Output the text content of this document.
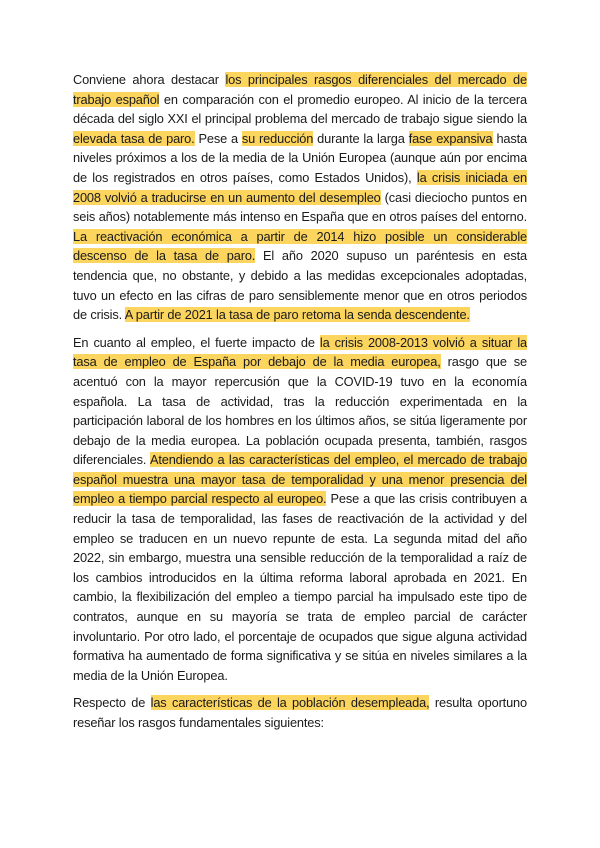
Conviene ahora destacar los principales rasgos diferenciales del mercado de trabajo español en comparación con el promedio europeo. Al inicio de la tercera década del siglo XXI el principal problema del mercado de trabajo sigue siendo la elevada tasa de paro. Pese a su reducción durante la larga fase expansiva hasta niveles próximos a los de la media de la Unión Europea (aunque aún por encima de los registrados en otros países, como Estados Unidos), la crisis iniciada en 2008 volvió a traducirse en un aumento del desempleo (casi dieciocho puntos en seis años) notablemente más intenso en España que en otros países del entorno. La reactivación económica a partir de 2014 hizo posible un considerable descenso de la tasa de paro. El año 2020 supuso un paréntesis en esta tendencia que, no obstante, y debido a las medidas excepcionales adoptadas, tuvo un efecto en las cifras de paro sensiblemente menor que en otros periodos de crisis. A partir de 2021 la tasa de paro retoma la senda descendente.

En cuanto al empleo, el fuerte impacto de la crisis 2008-2013 volvió a situar la tasa de empleo de España por debajo de la media europea, rasgo que se acentuó con la mayor repercusión que la COVID-19 tuvo en la economía española. La tasa de actividad, tras la reducción experimentada en la participación laboral de los hombres en los últimos años, se sitúa ligeramente por debajo de la media europea. La población ocupada presenta, también, rasgos diferenciales. Atendiendo a las características del empleo, el mercado de trabajo español muestra una mayor tasa de temporalidad y una menor presencia del empleo a tiempo parcial respecto al europeo. Pese a que las crisis contribuyen a reducir la tasa de temporalidad, las fases de reactivación de la actividad y del empleo se traducen en un nuevo repunte de esta. La segunda mitad del año 2022, sin embargo, muestra una sensible reducción de la temporalidad a raíz de los cambios introducidos en la última reforma laboral aprobada en 2021. En cambio, la flexibilización del empleo a tiempo parcial ha impulsado este tipo de contratos, aunque en su mayoría se trata de empleo parcial de carácter involuntario. Por otro lado, el porcentaje de ocupados que sigue alguna actividad formativa ha aumentado de forma significativa y se sitúa en niveles similares a la media de la Unión Europea.

Respecto de las características de la población desempleada, resulta oportuno reseñar los rasgos fundamentales siguientes:
